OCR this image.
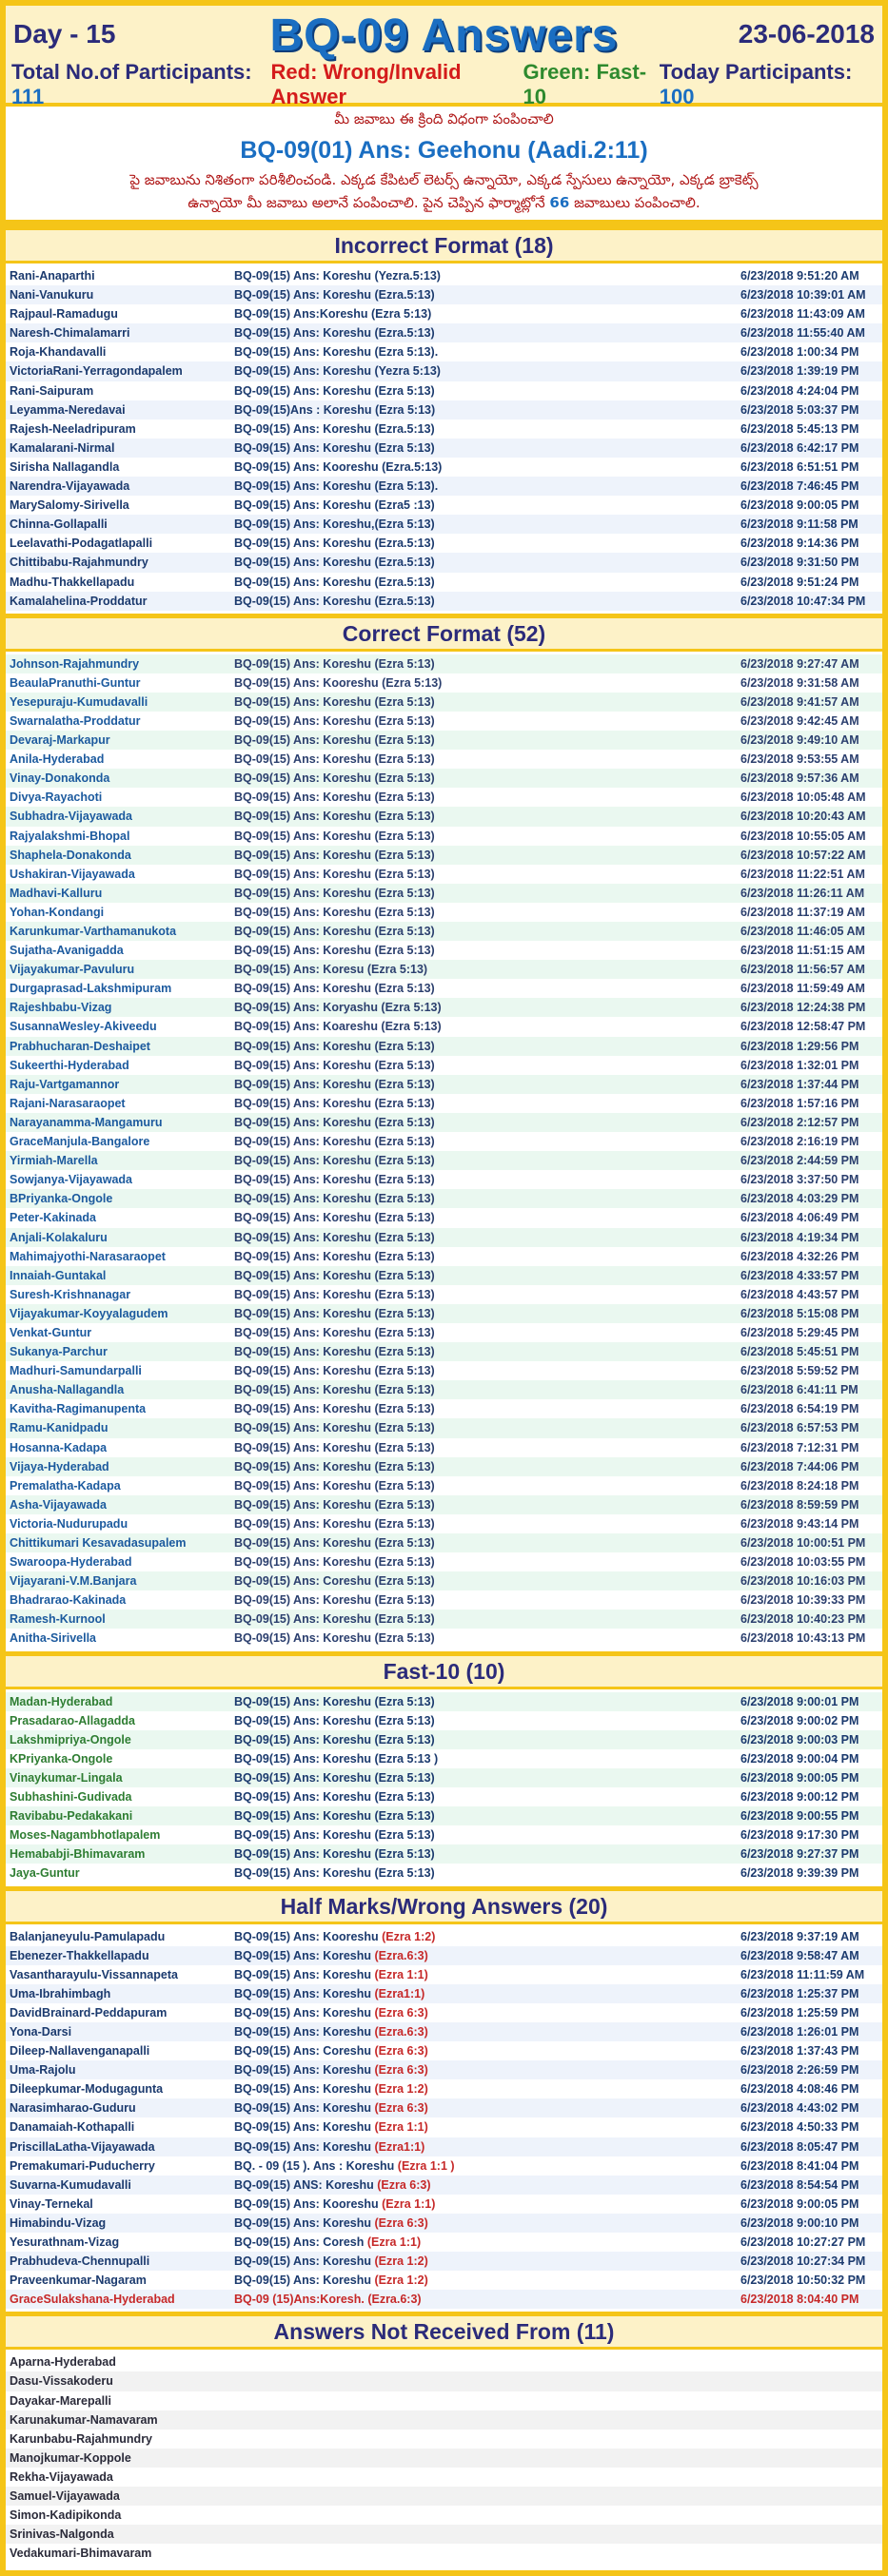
Day - 15	BQ-09 Answers	23-06-2018
Total No.of Participants: 111
Red: Wrong/Invalid Answer
Green: Fast-10
Today Participants: 100
మీ జవాబు ఈ క్రింది విధంగా పంపించాలి
BQ-09(01) Ans: Geehonu (Aadi.2:11)
పై జవాబును నిశితంగా పరిశీలించండి. ఎక్కడ కేపిటల్ లెటర్స్ ఉన్నాయో, ఎక్కడ స్పేసులు ఉన్నాయో, ఎక్కడ బ్రాకెట్స్
ఉన్నాయో మీ జవాబు అలానే పంపించాలి. పైన చెప్పిన ఫార్మాట్లోనే 66 జవాబులు పంపించాలి.
Incorrect Format (18)
Rani-Anaparthi	BQ-09(15) Ans: Koreshu (Yezra.5:13)	6/23/2018 9:51:20 AM
Nani-Vanukuru	BQ-09(15) Ans: Koreshu (Ezra.5:13)	6/23/2018 10:39:01 AM
Rajpaul-Ramadugu	BQ-09(15) Ans:Koreshu (Ezra 5:13)	6/23/2018 11:43:09 AM
Naresh-Chimalamarri	BQ-09(15) Ans: Koreshu (Ezra.5:13)	6/23/2018 11:55:40 AM
Roja-Khandavalli	BQ-09(15) Ans: Koreshu (Ezra 5:13).	6/23/2018 1:00:34 PM
VictoriaRani-Yerragondapalem	BQ-09(15) Ans: Koreshu (Yezra 5:13)	6/23/2018 1:39:19 PM
Rani-Saipuram	BQ-09(15) Ans: Koreshu (Ezra 5:13)	6/23/2018 4:24:04 PM
Leyamma-Neredavai	BQ-09(15)Ans : Koreshu (Ezra 5:13)	6/23/2018 5:03:37 PM
Rajesh-Neeladripuram	BQ-09(15) Ans: Koreshu (Ezra.5:13)	6/23/2018 5:45:13 PM
Kamalarani-Nirmal	BQ-09(15) Ans: Koreshu (Ezra 5:13)	6/23/2018 6:42:17 PM
Sirisha Nallagandla	BQ-09(15) Ans: Kooreshu (Ezra.5:13)	6/23/2018 6:51:51 PM
Narendra-Vijayawada	BQ-09(15) Ans: Koreshu (Ezra 5:13).	6/23/2018 7:46:45 PM
MarySalomy-Sirivella	BQ-09(15) Ans: Koreshu (Ezra5 :13)	6/23/2018 9:00:05 PM
Chinna-Gollapalli	BQ-09(15) Ans: Koreshu,(Ezra 5:13)	6/23/2018 9:11:58 PM
Leelavathi-Podagatlapalli	BQ-09(15) Ans: Koreshu (Ezra.5:13)	6/23/2018 9:14:36 PM
Chittibabu-Rajahmundry	BQ-09(15) Ans: Koreshu (Ezra.5:13)	6/23/2018 9:31:50 PM
Madhu-Thakkellapadu	BQ-09(15) Ans: Koreshu (Ezra.5:13)	6/23/2018 9:51:24 PM
Kamalahelina-Proddatur	BQ-09(15) Ans: Koreshu (Ezra.5:13)	6/23/2018 10:47:34 PM
Correct Format (52)
Johnson-Rajahmundry	BQ-09(15) Ans: Koreshu (Ezra 5:13)	6/23/2018 9:27:47 AM
BeaulaPranuthi-Guntur	BQ-09(15) Ans: Kooreshu (Ezra 5:13)	6/23/2018 9:31:58 AM
Yesepuraju-Kumudavalli	BQ-09(15) Ans: Koreshu (Ezra 5:13)	6/23/2018 9:41:57 AM
Swarnalatha-Proddatur	BQ-09(15) Ans: Koreshu (Ezra 5:13)	6/23/2018 9:42:45 AM
Devaraj-Markapur	BQ-09(15) Ans: Koreshu (Ezra 5:13)	6/23/2018 9:49:10 AM
Anila-Hyderabad	BQ-09(15) Ans: Koreshu (Ezra 5:13)	6/23/2018 9:53:55 AM
Vinay-Donakonda	BQ-09(15) Ans: Koreshu (Ezra 5:13)	6/23/2018 9:57:36 AM
Divya-Rayachoti	BQ-09(15) Ans: Koreshu (Ezra 5:13)	6/23/2018 10:05:48 AM
Subhadra-Vijayawada	BQ-09(15) Ans: Koreshu (Ezra 5:13)	6/23/2018 10:20:43 AM
Rajyalakshmi-Bhopal	BQ-09(15) Ans: Koreshu (Ezra 5:13)	6/23/2018 10:55:05 AM
Shaphela-Donakonda	BQ-09(15) Ans: Koreshu (Ezra 5:13)	6/23/2018 10:57:22 AM
Ushakiran-Vijayawada	BQ-09(15) Ans: Koreshu (Ezra 5:13)	6/23/2018 11:22:51 AM
Madhavi-Kalluru	BQ-09(15) Ans: Koreshu (Ezra 5:13)	6/23/2018 11:26:11 AM
Yohan-Kondangi	BQ-09(15) Ans: Koreshu (Ezra 5:13)	6/23/2018 11:37:19 AM
Karunkumar-Varthamanukota	BQ-09(15) Ans: Koreshu (Ezra 5:13)	6/23/2018 11:46:05 AM
Sujatha-Avanigadda	BQ-09(15) Ans: Koreshu (Ezra 5:13)	6/23/2018 11:51:15 AM
Vijayakumar-Pavuluru	BQ-09(15) Ans: Koresu (Ezra 5:13)	6/23/2018 11:56:57 AM
Durgaprasad-Lakshmipuram	BQ-09(15) Ans: Koreshu (Ezra 5:13)	6/23/2018 11:59:49 AM
Rajeshbabu-Vizag	BQ-09(15) Ans: Koryashu (Ezra 5:13)	6/23/2018 12:24:38 PM
SusannaWesley-Akiveedu	BQ-09(15) Ans: Koareshu (Ezra 5:13)	6/23/2018 12:58:47 PM
Prabhucharan-Deshaipet	BQ-09(15) Ans: Koreshu (Ezra 5:13)	6/23/2018 1:29:56 PM
Sukeerthi-Hyderabad	BQ-09(15) Ans: Koreshu (Ezra 5:13)	6/23/2018 1:32:01 PM
Raju-Vartgamannor	BQ-09(15) Ans: Koreshu (Ezra 5:13)	6/23/2018 1:37:44 PM
Rajani-Narasaraopet	BQ-09(15) Ans: Koreshu (Ezra 5:13)	6/23/2018 1:57:16 PM
Narayanamma-Mangamuru	BQ-09(15) Ans: Koreshu (Ezra 5:13)	6/23/2018 2:12:57 PM
GraceManjula-Bangalore	BQ-09(15) Ans: Koreshu (Ezra 5:13)	6/23/2018 2:16:19 PM
Yirmiah-Marella	BQ-09(15) Ans: Koreshu (Ezra 5:13)	6/23/2018 2:44:59 PM
Sowjanya-Vijayawada	BQ-09(15) Ans: Koreshu (Ezra 5:13)	6/23/2018 3:37:50 PM
BPriyanka-Ongole	BQ-09(15) Ans: Koreshu (Ezra 5:13)	6/23/2018 4:03:29 PM
Peter-Kakinada	BQ-09(15) Ans: Koreshu (Ezra 5:13)	6/23/2018 4:06:49 PM
Anjali-Kolakaluru	BQ-09(15) Ans: Koreshu (Ezra 5:13)	6/23/2018 4:19:34 PM
Mahimajyothi-Narasaraopet	BQ-09(15) Ans: Koreshu (Ezra 5:13)	6/23/2018 4:32:26 PM
Innaiah-Guntakal	BQ-09(15) Ans: Koreshu (Ezra 5:13)	6/23/2018 4:33:57 PM
Suresh-Krishnanagar	BQ-09(15) Ans: Koreshu (Ezra 5:13)	6/23/2018 4:43:57 PM
Vijayakumar-Koyyalagudem	BQ-09(15) Ans: Koreshu (Ezra 5:13)	6/23/2018 5:15:08 PM
Venkat-Guntur	BQ-09(15) Ans: Koreshu (Ezra 5:13)	6/23/2018 5:29:45 PM
Sukanya-Parchur	BQ-09(15) Ans: Koreshu (Ezra 5:13)	6/23/2018 5:45:51 PM
Madhuri-Samundarpalli	BQ-09(15) Ans: Koreshu (Ezra 5:13)	6/23/2018 5:59:52 PM
Anusha-Nallagandla	BQ-09(15) Ans: Koreshu (Ezra 5:13)	6/23/2018 6:41:11 PM
Kavitha-Ragimanupenta	BQ-09(15) Ans: Koreshu (Ezra 5:13)	6/23/2018 6:54:19 PM
Ramu-Kanidpadu	BQ-09(15) Ans: Koreshu (Ezra 5:13)	6/23/2018 6:57:53 PM
Hosanna-Kadapa	BQ-09(15) Ans: Koreshu (Ezra 5:13)	6/23/2018 7:12:31 PM
Vijaya-Hyderabad	BQ-09(15) Ans: Koreshu (Ezra 5:13)	6/23/2018 7:44:06 PM
Premalatha-Kadapa	BQ-09(15) Ans: Koreshu (Ezra 5:13)	6/23/2018 8:24:18 PM
Asha-Vijayawada	BQ-09(15) Ans: Koreshu (Ezra 5:13)	6/23/2018 8:59:59 PM
Victoria-Nudurupadu	BQ-09(15) Ans: Koreshu (Ezra 5:13)	6/23/2018 9:43:14 PM
Chittikumari Kesavadasupalem	BQ-09(15) Ans: Koreshu (Ezra 5:13)	6/23/2018 10:00:51 PM
Swaroopa-Hyderabad	BQ-09(15) Ans: Koreshu (Ezra 5:13)	6/23/2018 10:03:55 PM
Vijayarani-V.M.Banjara	BQ-09(15) Ans: Coreshu (Ezra 5:13)	6/23/2018 10:16:03 PM
Bhadrarao-Kakinada	BQ-09(15) Ans: Koreshu (Ezra 5:13)	6/23/2018 10:39:33 PM
Ramesh-Kurnool	BQ-09(15) Ans: Koreshu (Ezra 5:13)	6/23/2018 10:40:23 PM
Anitha-Sirivella	BQ-09(15) Ans: Koreshu (Ezra 5:13)	6/23/2018 10:43:13 PM
Fast-10 (10)
Madan-Hyderabad	BQ-09(15) Ans: Koreshu (Ezra 5:13)	6/23/2018 9:00:01 PM
Prasadarao-Allagadda	BQ-09(15) Ans: Koreshu (Ezra 5:13)	6/23/2018 9:00:02 PM
Lakshmipriya-Ongole	BQ-09(15) Ans: Koreshu (Ezra 5:13)	6/23/2018 9:00:03 PM
KPriyanka-Ongole	BQ-09(15) Ans: Koreshu (Ezra 5:13 )	6/23/2018 9:00:04 PM
Vinaykumar-Lingala	BQ-09(15) Ans: Koreshu (Ezra 5:13)	6/23/2018 9:00:05 PM
Subhashini-Gudivada	BQ-09(15) Ans: Koreshu (Ezra 5:13)	6/23/2018 9:00:12 PM
Ravibabu-Pedakakani	BQ-09(15) Ans: Koreshu (Ezra 5:13)	6/23/2018 9:00:55 PM
Moses-Nagambhotlapalem	BQ-09(15) Ans: Koreshu (Ezra 5:13)	6/23/2018 9:17:30 PM
Hemababji-Bhimavaram	BQ-09(15) Ans: Koreshu (Ezra 5:13)	6/23/2018 9:27:37 PM
Jaya-Guntur	BQ-09(15) Ans: Koreshu (Ezra 5:13)	6/23/2018 9:39:39 PM
Half Marks/Wrong Answers (20)
Balanjaneyulu-Pamulapadu	BQ-09(15) Ans: Kooreshu (Ezra 1:2)	6/23/2018 9:37:19 AM
Ebenezer-Thakkellapadu	BQ-09(15) Ans: Koreshu (Ezra.6:3)	6/23/2018 9:58:47 AM
Vasantharayulu-Vissannapeta	BQ-09(15) Ans: Koreshu (Ezra 1:1)	6/23/2018 11:11:59 AM
Uma-Ibrahimbagh	BQ-09(15) Ans: Koreshu (Ezra1:1)	6/23/2018 1:25:37 PM
DavidBrainard-Peddapuram	BQ-09(15) Ans: Koreshu (Ezra 6:3)	6/23/2018 1:25:59 PM
Yona-Darsi	BQ-09(15) Ans: Koreshu (Ezra.6:3)	6/23/2018 1:26:01 PM
Dileep-Nallavenganapalli	BQ-09(15) Ans: Coreshu (Ezra 6:3)	6/23/2018 1:37:43 PM
Uma-Rajolu	BQ-09(15) Ans: Koreshu (Ezra 6:3)	6/23/2018 2:26:59 PM
Dileepkumar-Modugagunta	BQ-09(15) Ans: Koreshu (Ezra 1:2)	6/23/2018 4:08:46 PM
Narasimharao-Guduru	BQ-09(15) Ans: Koreshu (Ezra 6:3)	6/23/2018 4:43:02 PM
Danamaiah-Kothapalli	BQ-09(15) Ans: Koreshu (Ezra 1:1)	6/23/2018 4:50:33 PM
PriscillaLatha-Vijayawada	BQ-09(15) Ans: Koreshu (Ezra1:1)	6/23/2018 8:05:47 PM
Premakumari-Puducherry	BQ. - 09 (15 ). Ans : Koreshu (Ezra 1:1 )	6/23/2018 8:41:04 PM
Suvarna-Kumudavalli	BQ-09(15) ANS: Koreshu (Ezra 6:3)	6/23/2018 8:54:54 PM
Vinay-Ternekal	BQ-09(15) Ans: Kooreshu (Ezra 1:1)	6/23/2018 9:00:05 PM
Himabindu-Vizag	BQ-09(15) Ans: Koreshu (Ezra 6:3)	6/23/2018 9:00:10 PM
Yesurathnam-Vizag	BQ-09(15) Ans: Coresh (Ezra 1:1)	6/23/2018 10:27:27 PM
Prabhudeva-Chennupalli	BQ-09(15) Ans: Koreshu (Ezra 1:2)	6/23/2018 10:27:34 PM
Praveenkumar-Nagaram	BQ-09(15) Ans: Koreshu (Ezra 1:2)	6/23/2018 10:50:32 PM
GraceSulakshana-Hyderabad	BQ-09 (15)Ans:Koresh. (Ezra.6:3)	6/23/2018 8:04:40 PM
Answers Not Received From (11)
Aparna-Hyderabad
Dasu-Vissakoderu
Dayakar-Marepalli
Karunakumar-Namavaram
Karunbabu-Rajahmundry
Manojkumar-Koppole
Rekha-Vijayawada
Samuel-Vijayawada
Simon-Kadipikonda
Srinivas-Nalgonda
Vedakumari-Bhimavaram
